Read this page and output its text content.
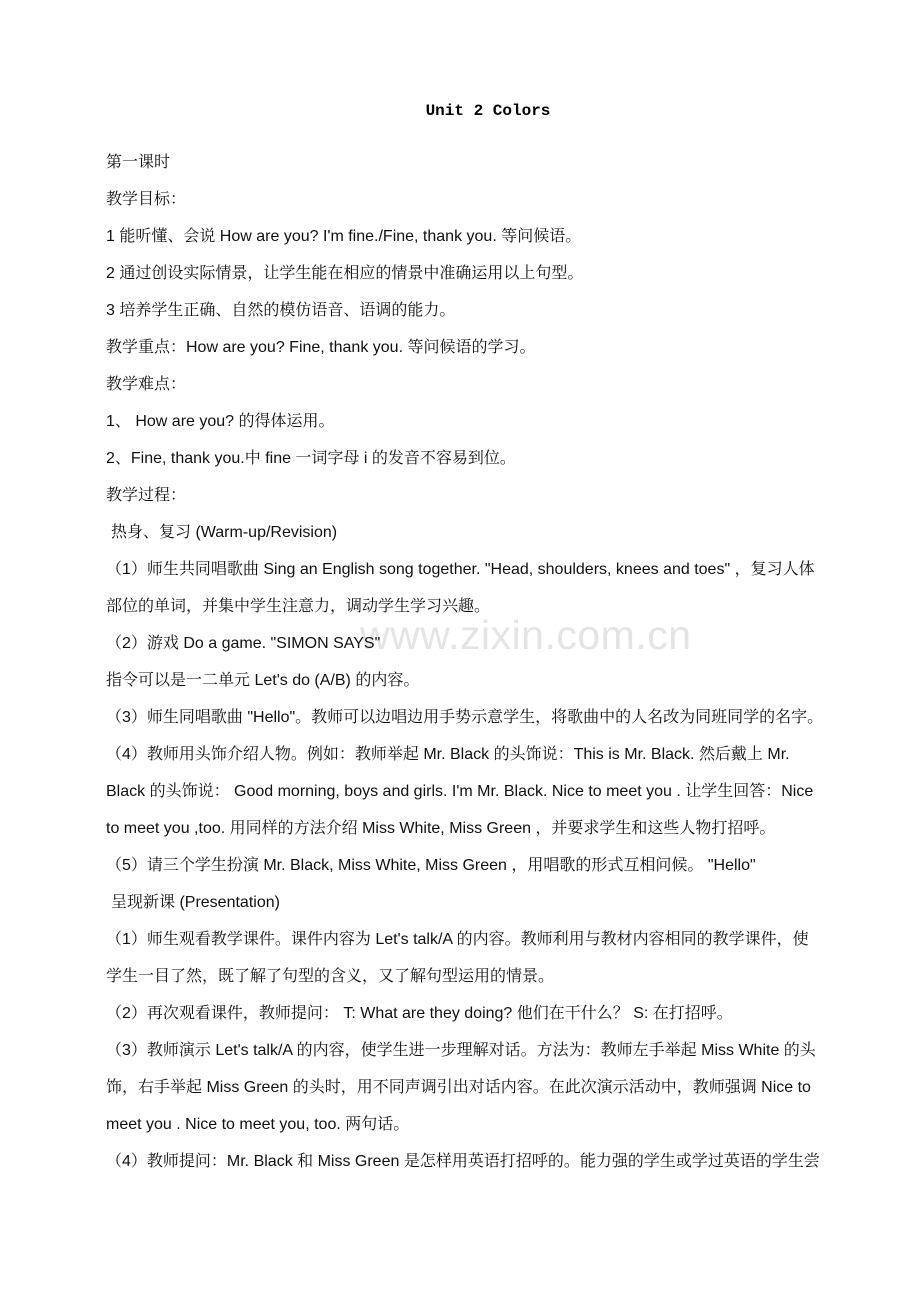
www.zixin.com.cn
Unit 2 Colors
第一课时
教学目标：
1 能听懂、会说 How are you? I'm fine./Fine, thank you. 等问候语。
2 通过创设实际情景，让学生能在相应的情景中准确运用以上句型。
3 培养学生正确、自然的模仿语音、语调的能力。
教学重点：How are you? Fine, thank you. 等问候语的学习。
教学难点：
1、 How are you? 的得体运用。
2、Fine, thank you.中 fine 一词字母 i 的发音不容易到位。
教学过程：
热身、复习 (Warm-up/Revision)
（1）师生共同唱歌曲 Sing an English song together. "Head, shoulders, knees and toes" ，复习人体
部位的单词，并集中学生注意力，调动学生学习兴趣。
（2）游戏 Do a game. "SIMON SAYS"
指令可以是一二单元 Let's do (A/B) 的内容。
（3）师生同唱歌曲 "Hello"。教师可以边唱边用手势示意学生，将歌曲中的人名改为同班同学的名字。
（4）教师用头饰介绍人物。例如：教师举起 Mr. Black 的头饰说：This is Mr. Black. 然后戴上 Mr.
Black 的头饰说： Good morning, boys and girls. I'm Mr. Black. Nice to meet you . 让学生回答：Nice
to meet you ,too. 用同样的方法介绍 Miss White, Miss Green ，并要求学生和这些人物打招呼。
（5）请三个学生扮演 Mr. Black, Miss White, Miss Green ，用唱歌的形式互相问候。 "Hello"
呈现新课 (Presentation)
（1）师生观看教学课件。课件内容为 Let's talk/A 的内容。教师利用与教材内容相同的教学课件，使
学生一目了然，既了解了句型的含义，又了解句型运用的情景。
（2）再次观看课件，教师提问： T: What are they doing? 他们在干什么？ S: 在打招呼。
（3）教师演示 Let's talk/A 的内容，使学生进一步理解对话。方法为：教师左手举起 Miss White 的头
饰，右手举起 Miss Green 的头时，用不同声调引出对话内容。在此次演示活动中，教师强调 Nice to
meet you . Nice to meet you, too. 两句话。
（4）教师提问：Mr. Black 和 Miss Green 是怎样用英语打招呼的。能力强的学生或学过英语的学生尝
